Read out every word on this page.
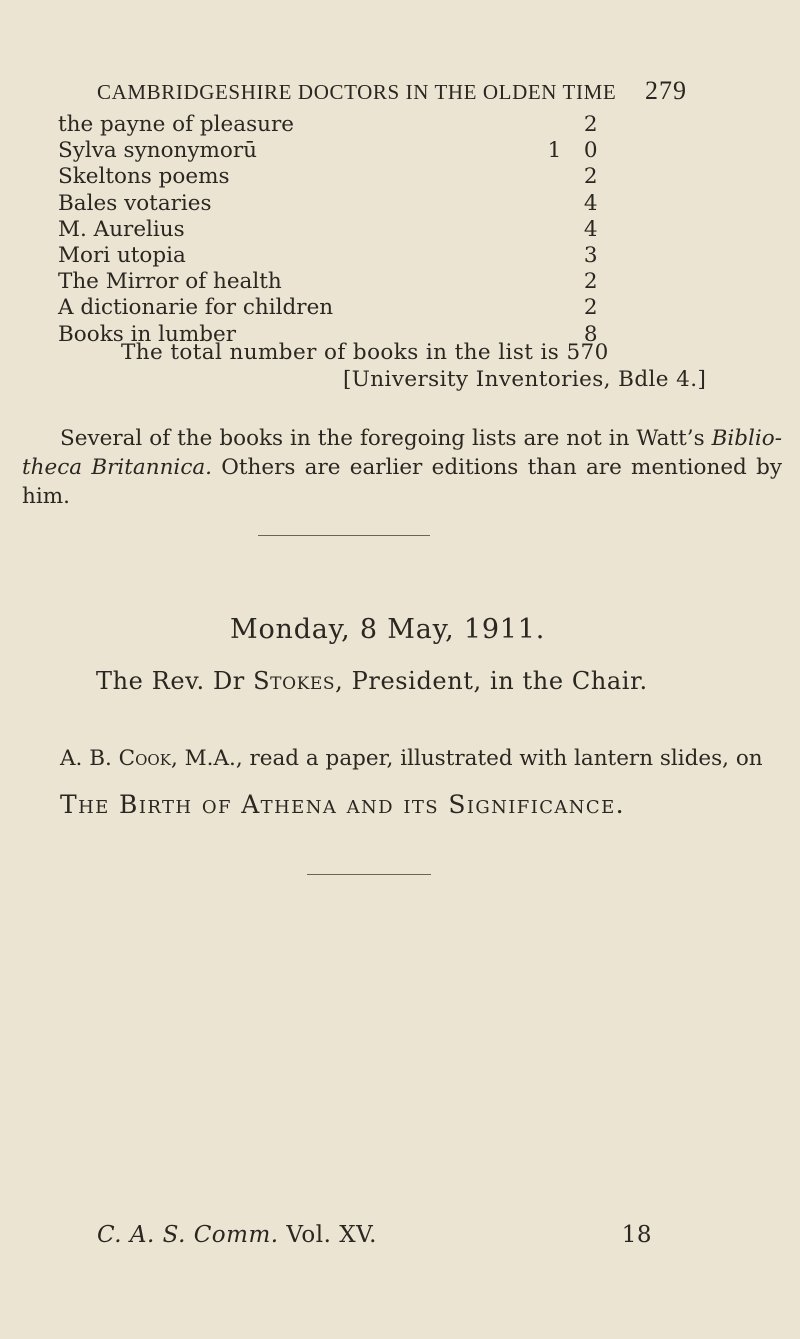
CAMBRIDGESHIRE DOCTORS IN THE OLDEN TIME 279
the payne of pleasure	2
Sylva synonymorū	1 0
Skeltons poems	2
Bales votaries	4
M. Aurelius	4
Mori utopia	3
The Mirror of health	2
A dictionarie for children	2
Books in lumber	8
The total number of books in the list is 570
[University Inventories, Bdle 4.]

Several of the books in the foregoing lists are not in Watt’s Biblio-theca Britannica. Others are earlier editions than are mentioned by him.

Monday, 8 May, 1911.
The Rev. Dr Stokes, President, in the Chair.

A. B. Cook, M.A., read a paper, illustrated with lantern slides, on

The Birth of Athena and its Significance.
C. A. S. Comm. Vol. XV.	18
